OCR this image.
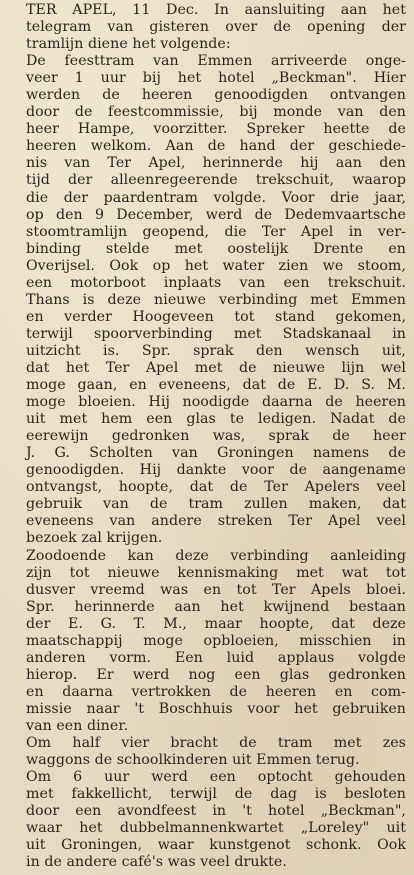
TER APEL, 11 Dec. In aansluiting aan het
telegram van gisteren over de opening der
tramlijn diene het volgende:
De feesttram van Emmen arriveerde onge-
veer 1 uur bij het hotel „Beckman". Hier
werden de heeren genoodigden ontvangen
door de feestcommissie, bij monde van den
heer Hampe, voorzitter. Spreker heette de
heeren welkom. Aan de hand der geschiede-
nis van Ter Apel, herinnerde hij aan den
tijd der alleenregeerende trekschuit, waarop
die der paardentram volgde. Voor drie jaar,
op den 9 December, werd de Dedemvaartsche
stoomtramlijn geopend, die Ter Apel in ver-
binding stelde met oostelijk Drente en
Overijsel. Ook op het water zien we stoom,
een motorboot inplaats van een trekschuit.
Thans is deze nieuwe verbinding met Emmen
en verder Hoogeveen tot stand gekomen,
terwijl spoorverbinding met Stadskanaal in
uitzicht is. Spr. sprak den wensch uit,
dat het Ter Apel met de nieuwe lijn wel
moge gaan, en eveneens, dat de E. D. S. M.
moge bloeien. Hij noodigde daarna de heeren
uit met hem een glas te ledigen. Nadat de
eerewijn gedronken was, sprak de heer
J. G. Scholten van Groningen namens de
genoodigden. Hij dankte voor de aangename
ontvangst, hoopte, dat de Ter Apelers veel
gebruik van de tram zullen maken, dat
eveneens van andere streken Ter Apel veel
bezoek zal krijgen.
Zoodoende kan deze verbinding aanleiding
zijn tot nieuwe kennismaking met wat tot
dusver vreemd was en tot Ter Apels bloei.
Spr. herinnerde aan het kwijnend bestaan
der E. G. T. M., maar hoopte, dat deze
maatschappij moge opbloeien, misschien in
anderen vorm. Een luid applaus volgde
hierop. Er werd nog een glas gedronken
en daarna vertrokken de heeren en com-
missie naar 't Boschhuis voor het gebruiken
van een diner.
Om half vier bracht de tram met zes
waggons de schoolkinderen uit Emmen terug.
Om 6 uur werd een optocht gehouden
met fakkellicht, terwijl de dag is besloten
door een avondfeest in 't hotel „Beckman",
waar het dubbelmannenkwartet „Loreley" uit
uit Groningen, waar kunstgenot schonk. Ook
in de andere café's was veel drukte.
